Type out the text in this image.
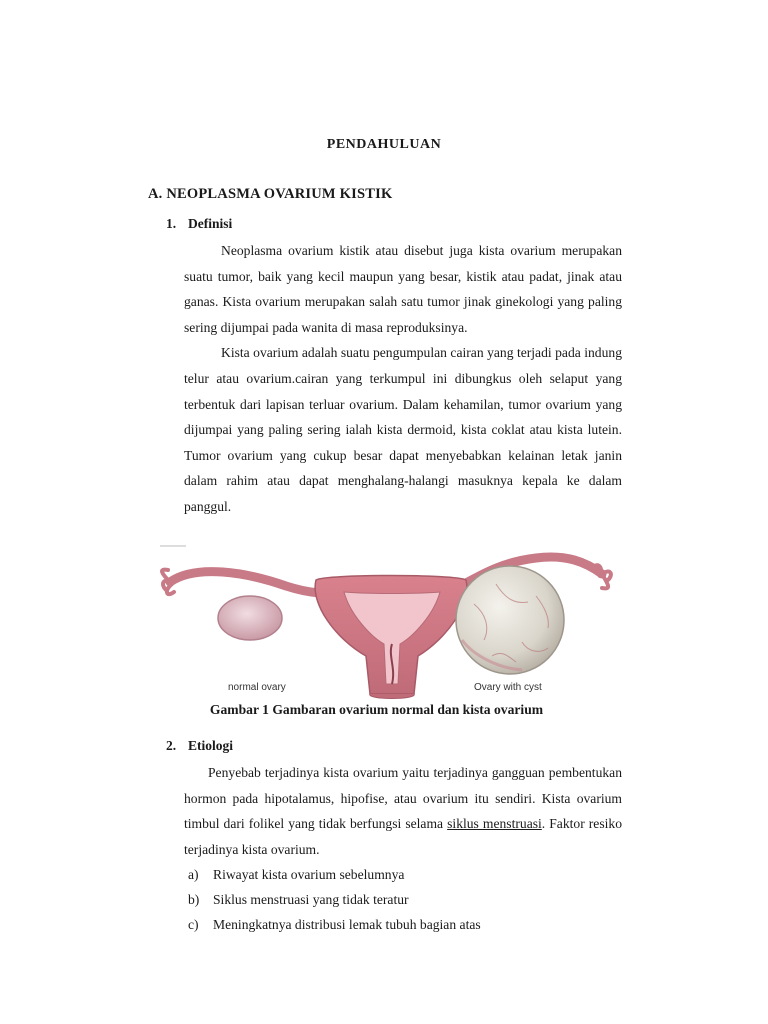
PENDAHULUAN
A. NEOPLASMA OVARIUM KISTIK
1. Definisi

Neoplasma ovarium kistik atau disebut juga kista ovarium merupakan suatu tumor, baik yang kecil maupun yang besar, kistik atau padat, jinak atau ganas. Kista ovarium merupakan salah satu tumor jinak ginekologi yang paling sering dijumpai pada wanita di masa reproduksinya.

Kista ovarium adalah suatu pengumpulan cairan yang terjadi pada indung telur atau ovarium.cairan yang terkumpul ini dibungkus oleh selaput yang terbentuk dari lapisan terluar ovarium. Dalam kehamilan, tumor ovarium yang dijumpai yang paling sering ialah kista dermoid, kista coklat atau kista lutein. Tumor ovarium yang cukup besar dapat menyebabkan kelainan letak janin dalam rahim atau dapat menghalang-halangi masuknya kepala ke dalam panggul.

normal ovary	Ovary with cyst
Gambar 1 Gambaran ovarium normal dan kista ovarium
2. Etiologi

Penyebab terjadinya kista ovarium yaitu terjadinya gangguan pembentukan hormon pada hipotalamus, hipofise, atau ovarium itu sendiri. Kista ovarium timbul dari folikel yang tidak berfungsi selama siklus menstruasi. Faktor resiko terjadinya kista ovarium.

a) Riwayat kista ovarium sebelumnya
b) Siklus menstruasi yang tidak teratur
c) Meningkatnya distribusi lemak tubuh bagian atas
